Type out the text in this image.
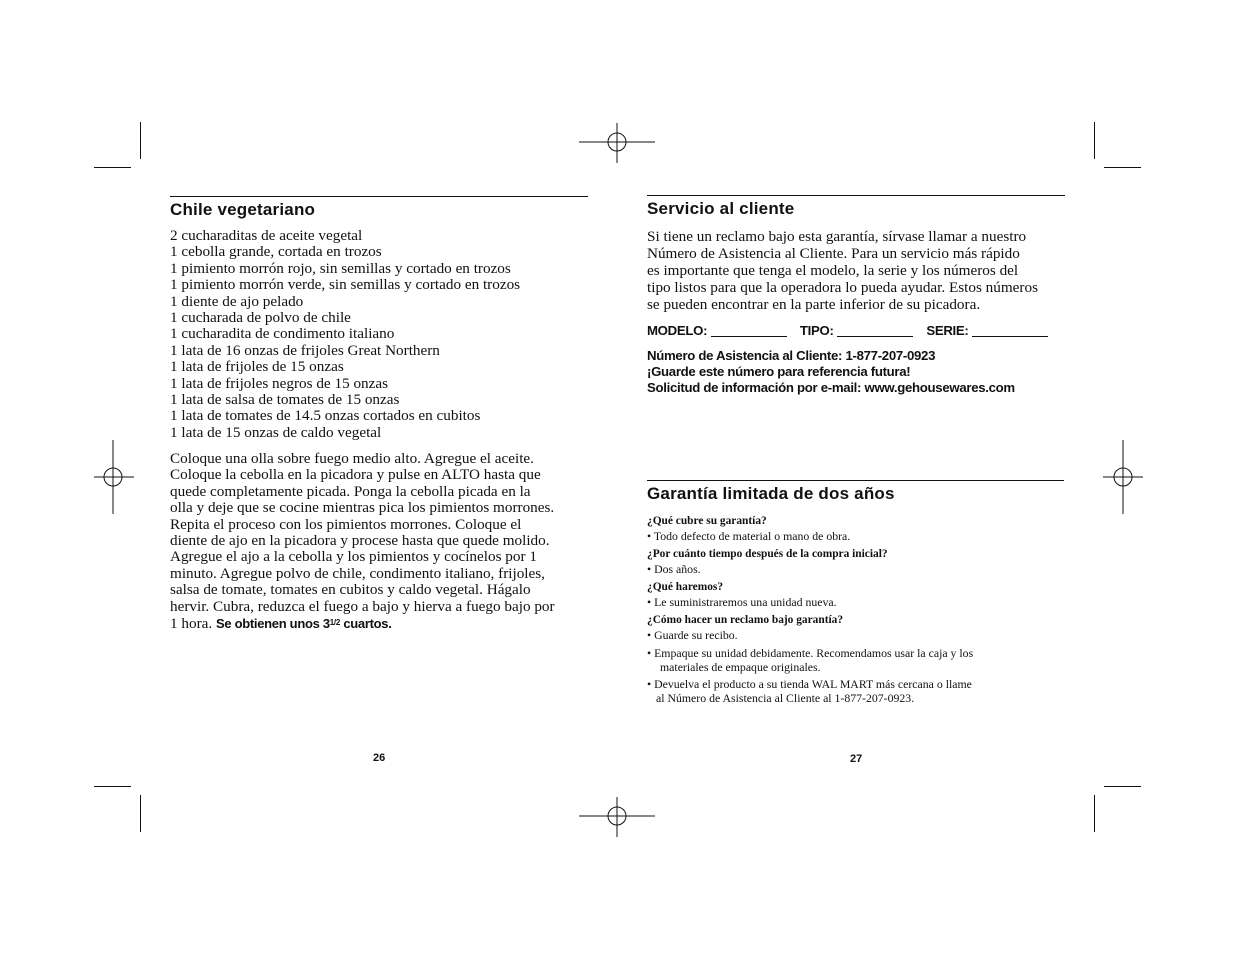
Chile vegetariano
2 cucharaditas de aceite vegetal
1 cebolla grande, cortada en trozos
1 pimiento morrón rojo, sin semillas y cortado en trozos
1 pimiento morrón verde, sin semillas y cortado en trozos
1 diente de ajo pelado
1 cucharada de polvo de chile
1 cucharadita de condimento italiano
1 lata de 16 onzas de frijoles Great Northern
1 lata de frijoles de 15 onzas
1 lata de frijoles negros de 15 onzas
1 lata de salsa de tomates de 15 onzas
1 lata de tomates de 14.5 onzas cortados en cubitos
1 lata de 15 onzas de caldo vegetal
Coloque una olla sobre fuego medio alto. Agregue el aceite.
Coloque la cebolla en la picadora y pulse en ALTO hasta que
quede completamente picada. Ponga la cebolla picada en la
olla y deje que se cocine mientras pica los pimientos morrones.
Repita el proceso con los pimientos morrones. Coloque el
diente de ajo en la picadora y procese hasta que quede molido.
Agregue el ajo a la cebolla y los pimientos y cocínelos por 1
minuto. Agregue polvo de chile, condimento italiano, frijoles,
salsa de tomate, tomates en cubitos y caldo vegetal. Hágalo
hervir. Cubra, reduzca el fuego a bajo y hierva a fuego bajo por
1 hora. Se obtienen unos $3^{1/2}$ cuartos.
26
Servicio al cliente
Si tiene un reclamo bajo esta garantía, sírvase llamar a nuestro
Número de Asistencia al Cliente. Para un servicio más rápido
es importante que tenga el modelo, la serie y los números del
tipo listos para que la operadora lo pueda ayudar. Estos números
se pueden encontrar en la parte inferior de su picadora.
MODELO:	TIPO:	SERIE:
Número de Asistencia al Cliente: 1-877-207-0923
¡Guarde este número para referencia futura!
Solicitud de información por e-mail: www.gehousewares.com
Garantía limitada de dos años
¿Qué cubre su garantía?
• Todo defecto de material o mano de obra.
¿Por cuánto tiempo después de la compra inicial?
• Dos años.
¿Qué haremos?
• Le suministraremos una unidad nueva.
¿Cómo hacer un reclamo bajo garantía?
• Guarde su recibo.
• Empaque su unidad debidamente. Recomendamos usar la caja y los
materiales de empaque originales.
• Devuelva el producto a su tienda WAL MART más cercana o llame
al Número de Asistencia al Cliente al 1-877-207-0923.
27
